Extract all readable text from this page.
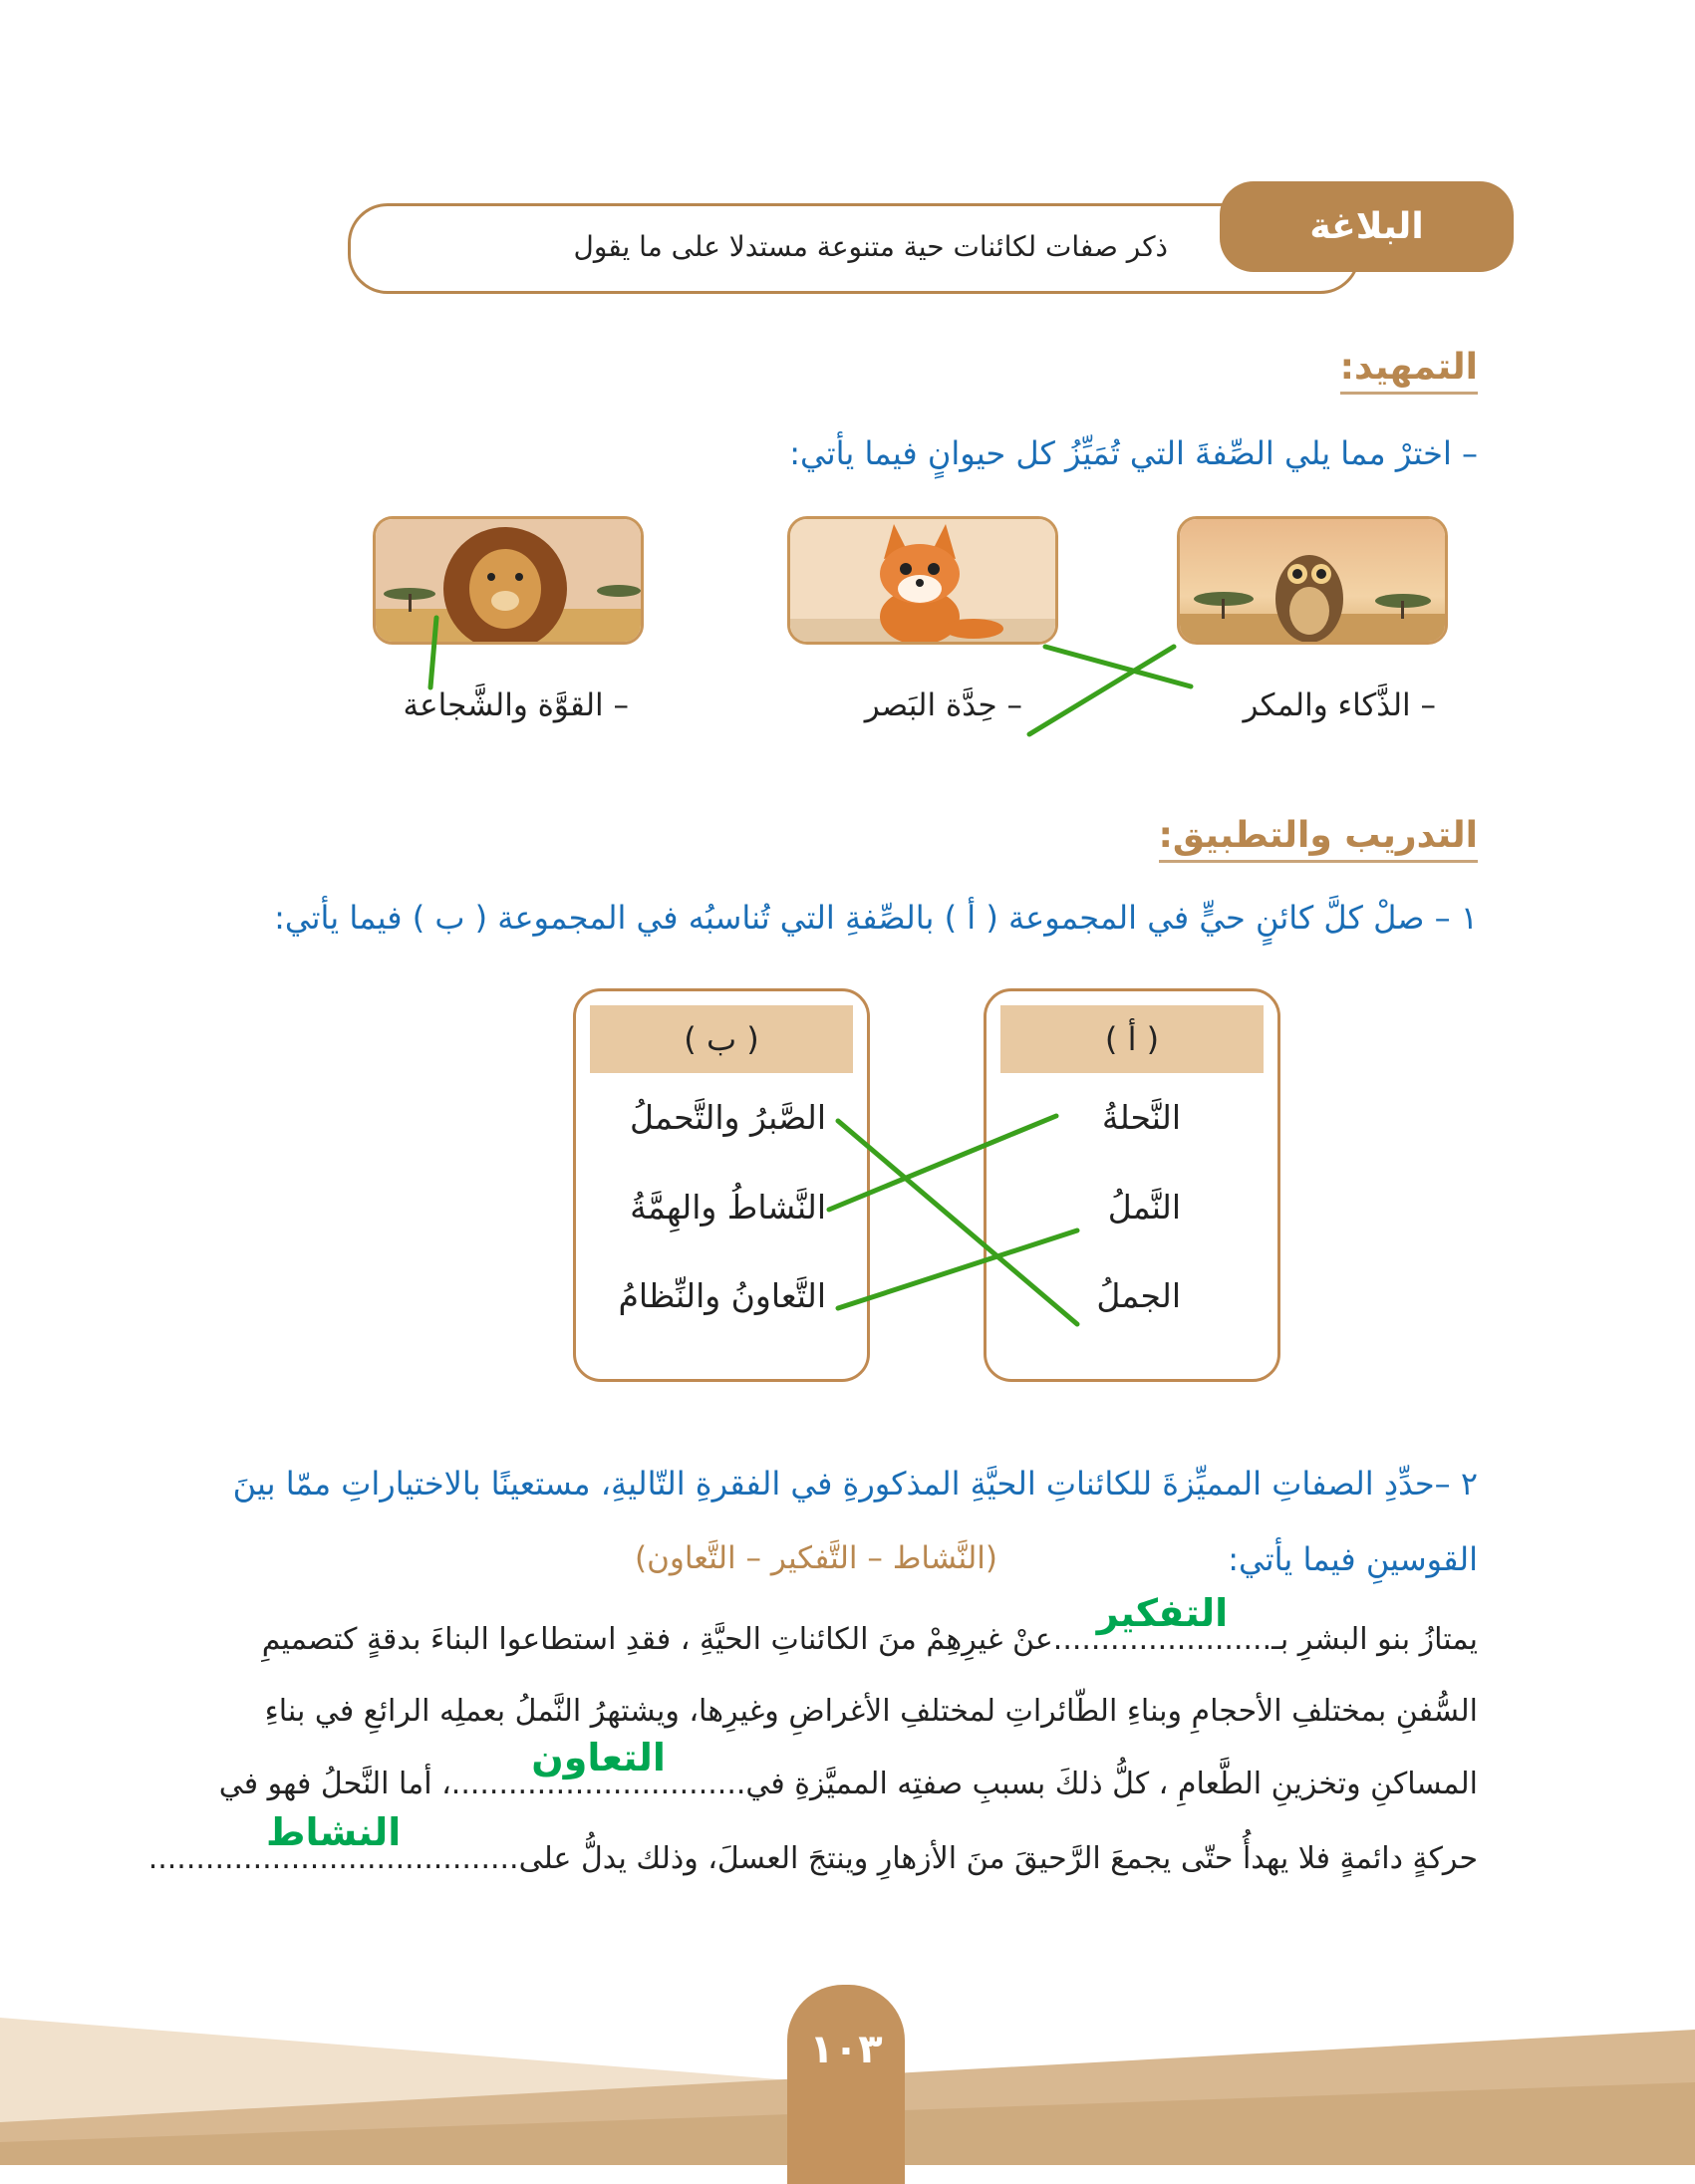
١٠٣
ذكر صفات لكائنات حية متنوعة مستدلا على ما يقول	البلاغة
التمهيد:
– اخترْ مما يلي الصِّفةَ التي تُمَيِّزُ كل حيوانٍ فيما يأتي:
– الذَّكاء والمكر
– حِدَّة البَصر
– القوَّة والشَّجاعة
التدريب والتطبيق:
١ – صلْ كلَّ كائنٍ حيٍّ في المجموعة ( أ ) بالصِّفةِ التي تُناسبُه في المجموعة ( ب ) فيما يأتي:
( أ )
( ب )
النَّحلةُ
النَّملُ
الجملُ
الصَّبرُ والتَّحملُ
النَّشاطُ والهِمَّةُ
التَّعاونُ والنِّظامُ
٢ –حدِّدِ الصفاتِ المميِّزةَ للكائناتِ الحيَّةِ المذكورةِ في الفقرةِ التّاليةِ، مستعينًا بالاختياراتِ ممّا بينَ
القوسينِ فيما يأتي:
(النَّشاط – التَّفكير – التَّعاون)
يمتازُ بنو البشرِ بـ.......................
التفكير
عنْ غيرِهِمْ منَ الكائناتِ الحيَّةِ ، فقدِ استطاعوا البناءَ بدقةٍ كتصميمِ
السُّفنِ بمختلفِ الأحجامِ وبناءِ الطّائراتِ لمختلفِ الأغراضِ وغيرِها، ويشتهرُ النَّملُ بعملِه الرائعِ في بناءِ
المساكنِ وتخزينِ الطَّعامِ ، كلُّ ذلكَ بسببِ صفتِه المميَّزةِ في...............................
التعاون
، أما النَّحلُ فهو في
حركةٍ دائمةٍ فلا يهدأُ حتّى يجمعَ الرَّحيقَ منَ الأزهارِ وينتجَ العسلَ، وذلك يدلُّ على.......................................
النشاط
